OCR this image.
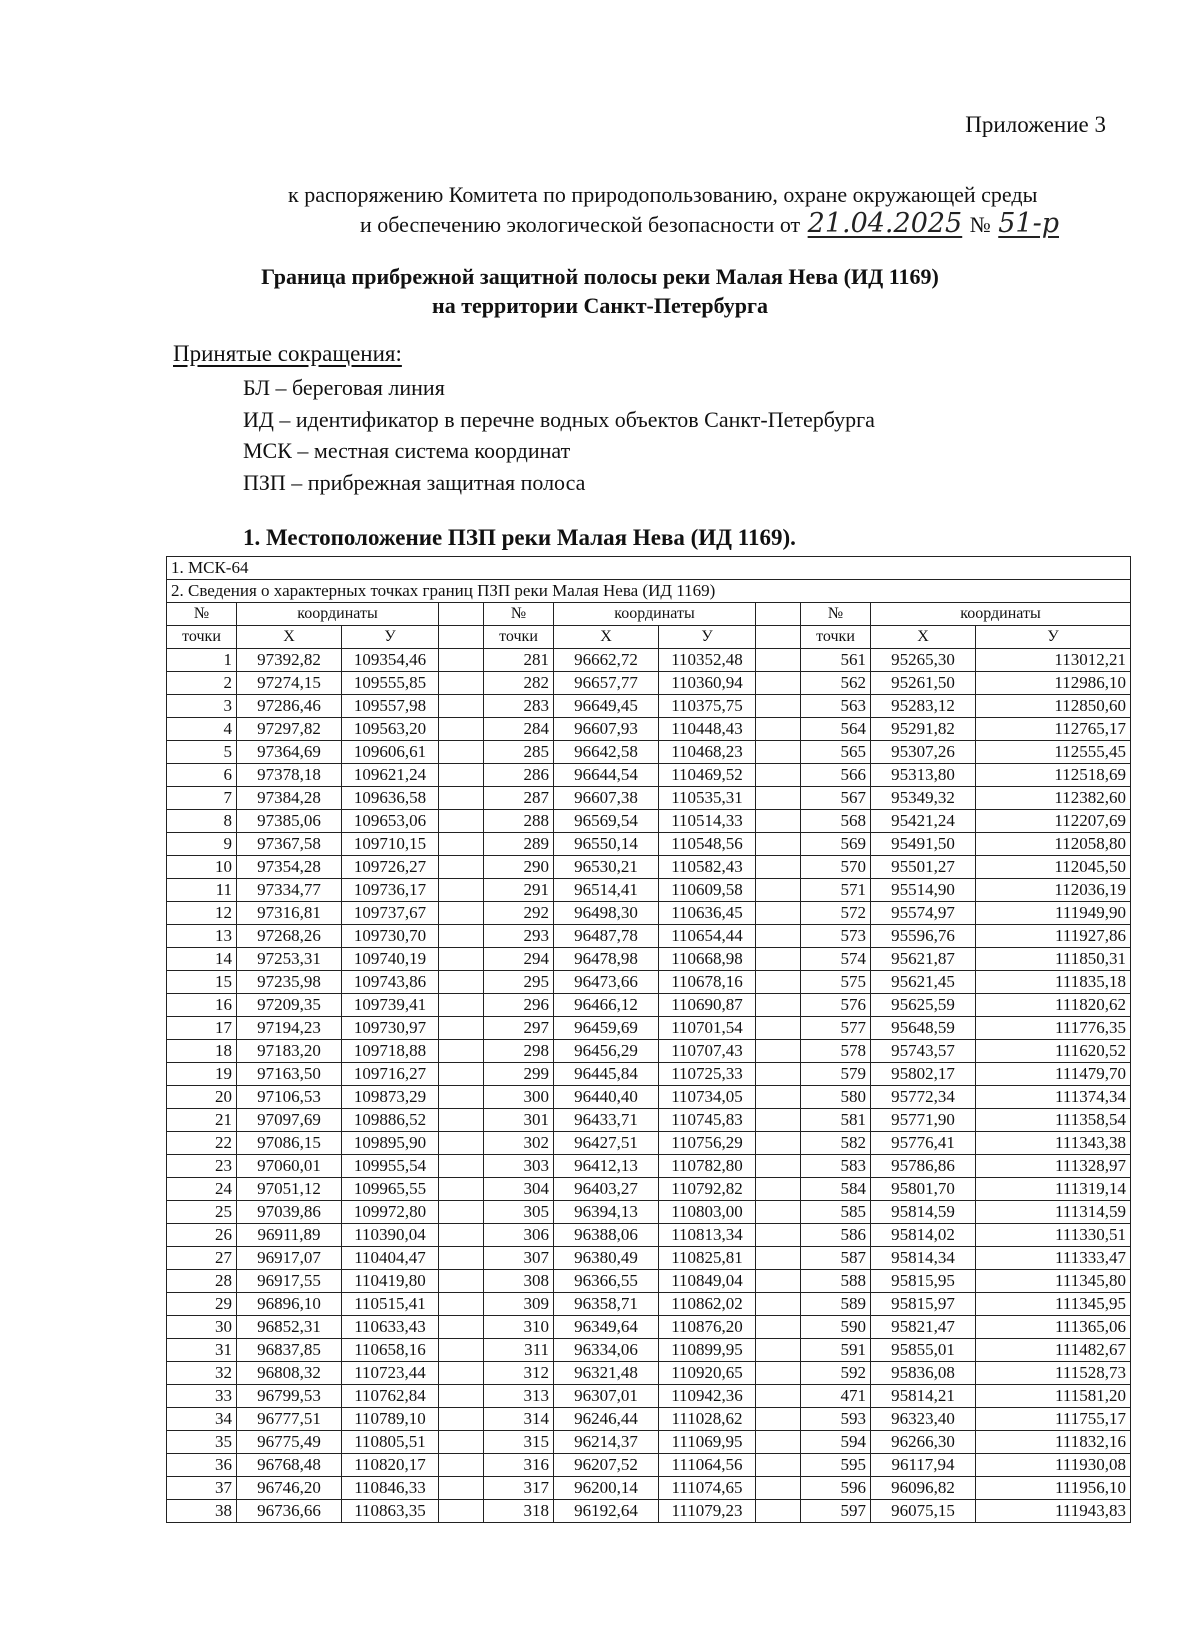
Приложение 3
к распоряжению Комитета по природопользованию, охране окружающей среды
и обеспечению экологической безопасности от 21.04.2025 № 51-р
Граница прибрежной защитной полосы реки Малая Нева (ИД 1169)
на территории Санкт-Петербурга
Принятые сокращения:
БЛ – береговая линия
ИД – идентификатор в перечне водных объектов Санкт-Петербурга
МСК – местная система координат
ПЗП – прибрежная защитная полоса
1. Местоположение ПЗП реки Малая Нева (ИД 1169).
1. МСК-64										
2. Сведения о характерных точках границ ПЗП реки Малая Нева (ИД 1169)										
№	координаты			№	координаты			№	координаты	
точки	Х	У		точки	Х	У		точки	Х	У
1	97392,82	109354,46		281	96662,72	110352,48		561	95265,30	113012,21
2	97274,15	109555,85		282	96657,77	110360,94		562	95261,50	112986,10
3	97286,46	109557,98		283	96649,45	110375,75		563	95283,12	112850,60
4	97297,82	109563,20		284	96607,93	110448,43		564	95291,82	112765,17
5	97364,69	109606,61		285	96642,58	110468,23		565	95307,26	112555,45
6	97378,18	109621,24		286	96644,54	110469,52		566	95313,80	112518,69
7	97384,28	109636,58		287	96607,38	110535,31		567	95349,32	112382,60
8	97385,06	109653,06		288	96569,54	110514,33		568	95421,24	112207,69
9	97367,58	109710,15		289	96550,14	110548,56		569	95491,50	112058,80
10	97354,28	109726,27		290	96530,21	110582,43		570	95501,27	112045,50
11	97334,77	109736,17		291	96514,41	110609,58		571	95514,90	112036,19
12	97316,81	109737,67		292	96498,30	110636,45		572	95574,97	111949,90
13	97268,26	109730,70		293	96487,78	110654,44		573	95596,76	111927,86
14	97253,31	109740,19		294	96478,98	110668,98		574	95621,87	111850,31
15	97235,98	109743,86		295	96473,66	110678,16		575	95621,45	111835,18
16	97209,35	109739,41		296	96466,12	110690,87		576	95625,59	111820,62
17	97194,23	109730,97		297	96459,69	110701,54		577	95648,59	111776,35
18	97183,20	109718,88		298	96456,29	110707,43		578	95743,57	111620,52
19	97163,50	109716,27		299	96445,84	110725,33		579	95802,17	111479,70
20	97106,53	109873,29		300	96440,40	110734,05		580	95772,34	111374,34
21	97097,69	109886,52		301	96433,71	110745,83		581	95771,90	111358,54
22	97086,15	109895,90		302	96427,51	110756,29		582	95776,41	111343,38
23	97060,01	109955,54		303	96412,13	110782,80		583	95786,86	111328,97
24	97051,12	109965,55		304	96403,27	110792,82		584	95801,70	111319,14
25	97039,86	109972,80		305	96394,13	110803,00		585	95814,59	111314,59
26	96911,89	110390,04		306	96388,06	110813,34		586	95814,02	111330,51
27	96917,07	110404,47		307	96380,49	110825,81		587	95814,34	111333,47
28	96917,55	110419,80		308	96366,55	110849,04		588	95815,95	111345,80
29	96896,10	110515,41		309	96358,71	110862,02		589	95815,97	111345,95
30	96852,31	110633,43		310	96349,64	110876,20		590	95821,47	111365,06
31	96837,85	110658,16		311	96334,06	110899,95		591	95855,01	111482,67
32	96808,32	110723,44		312	96321,48	110920,65		592	95836,08	111528,73
33	96799,53	110762,84		313	96307,01	110942,36		471	95814,21	111581,20
34	96777,51	110789,10		314	96246,44	111028,62		593	96323,40	111755,17
35	96775,49	110805,51		315	96214,37	111069,95		594	96266,30	111832,16
36	96768,48	110820,17		316	96207,52	111064,56		595	96117,94	111930,08
37	96746,20	110846,33		317	96200,14	111074,65		596	96096,82	111956,10
38	96736,66	110863,35		318	96192,64	111079,23		597	96075,15	111943,83
